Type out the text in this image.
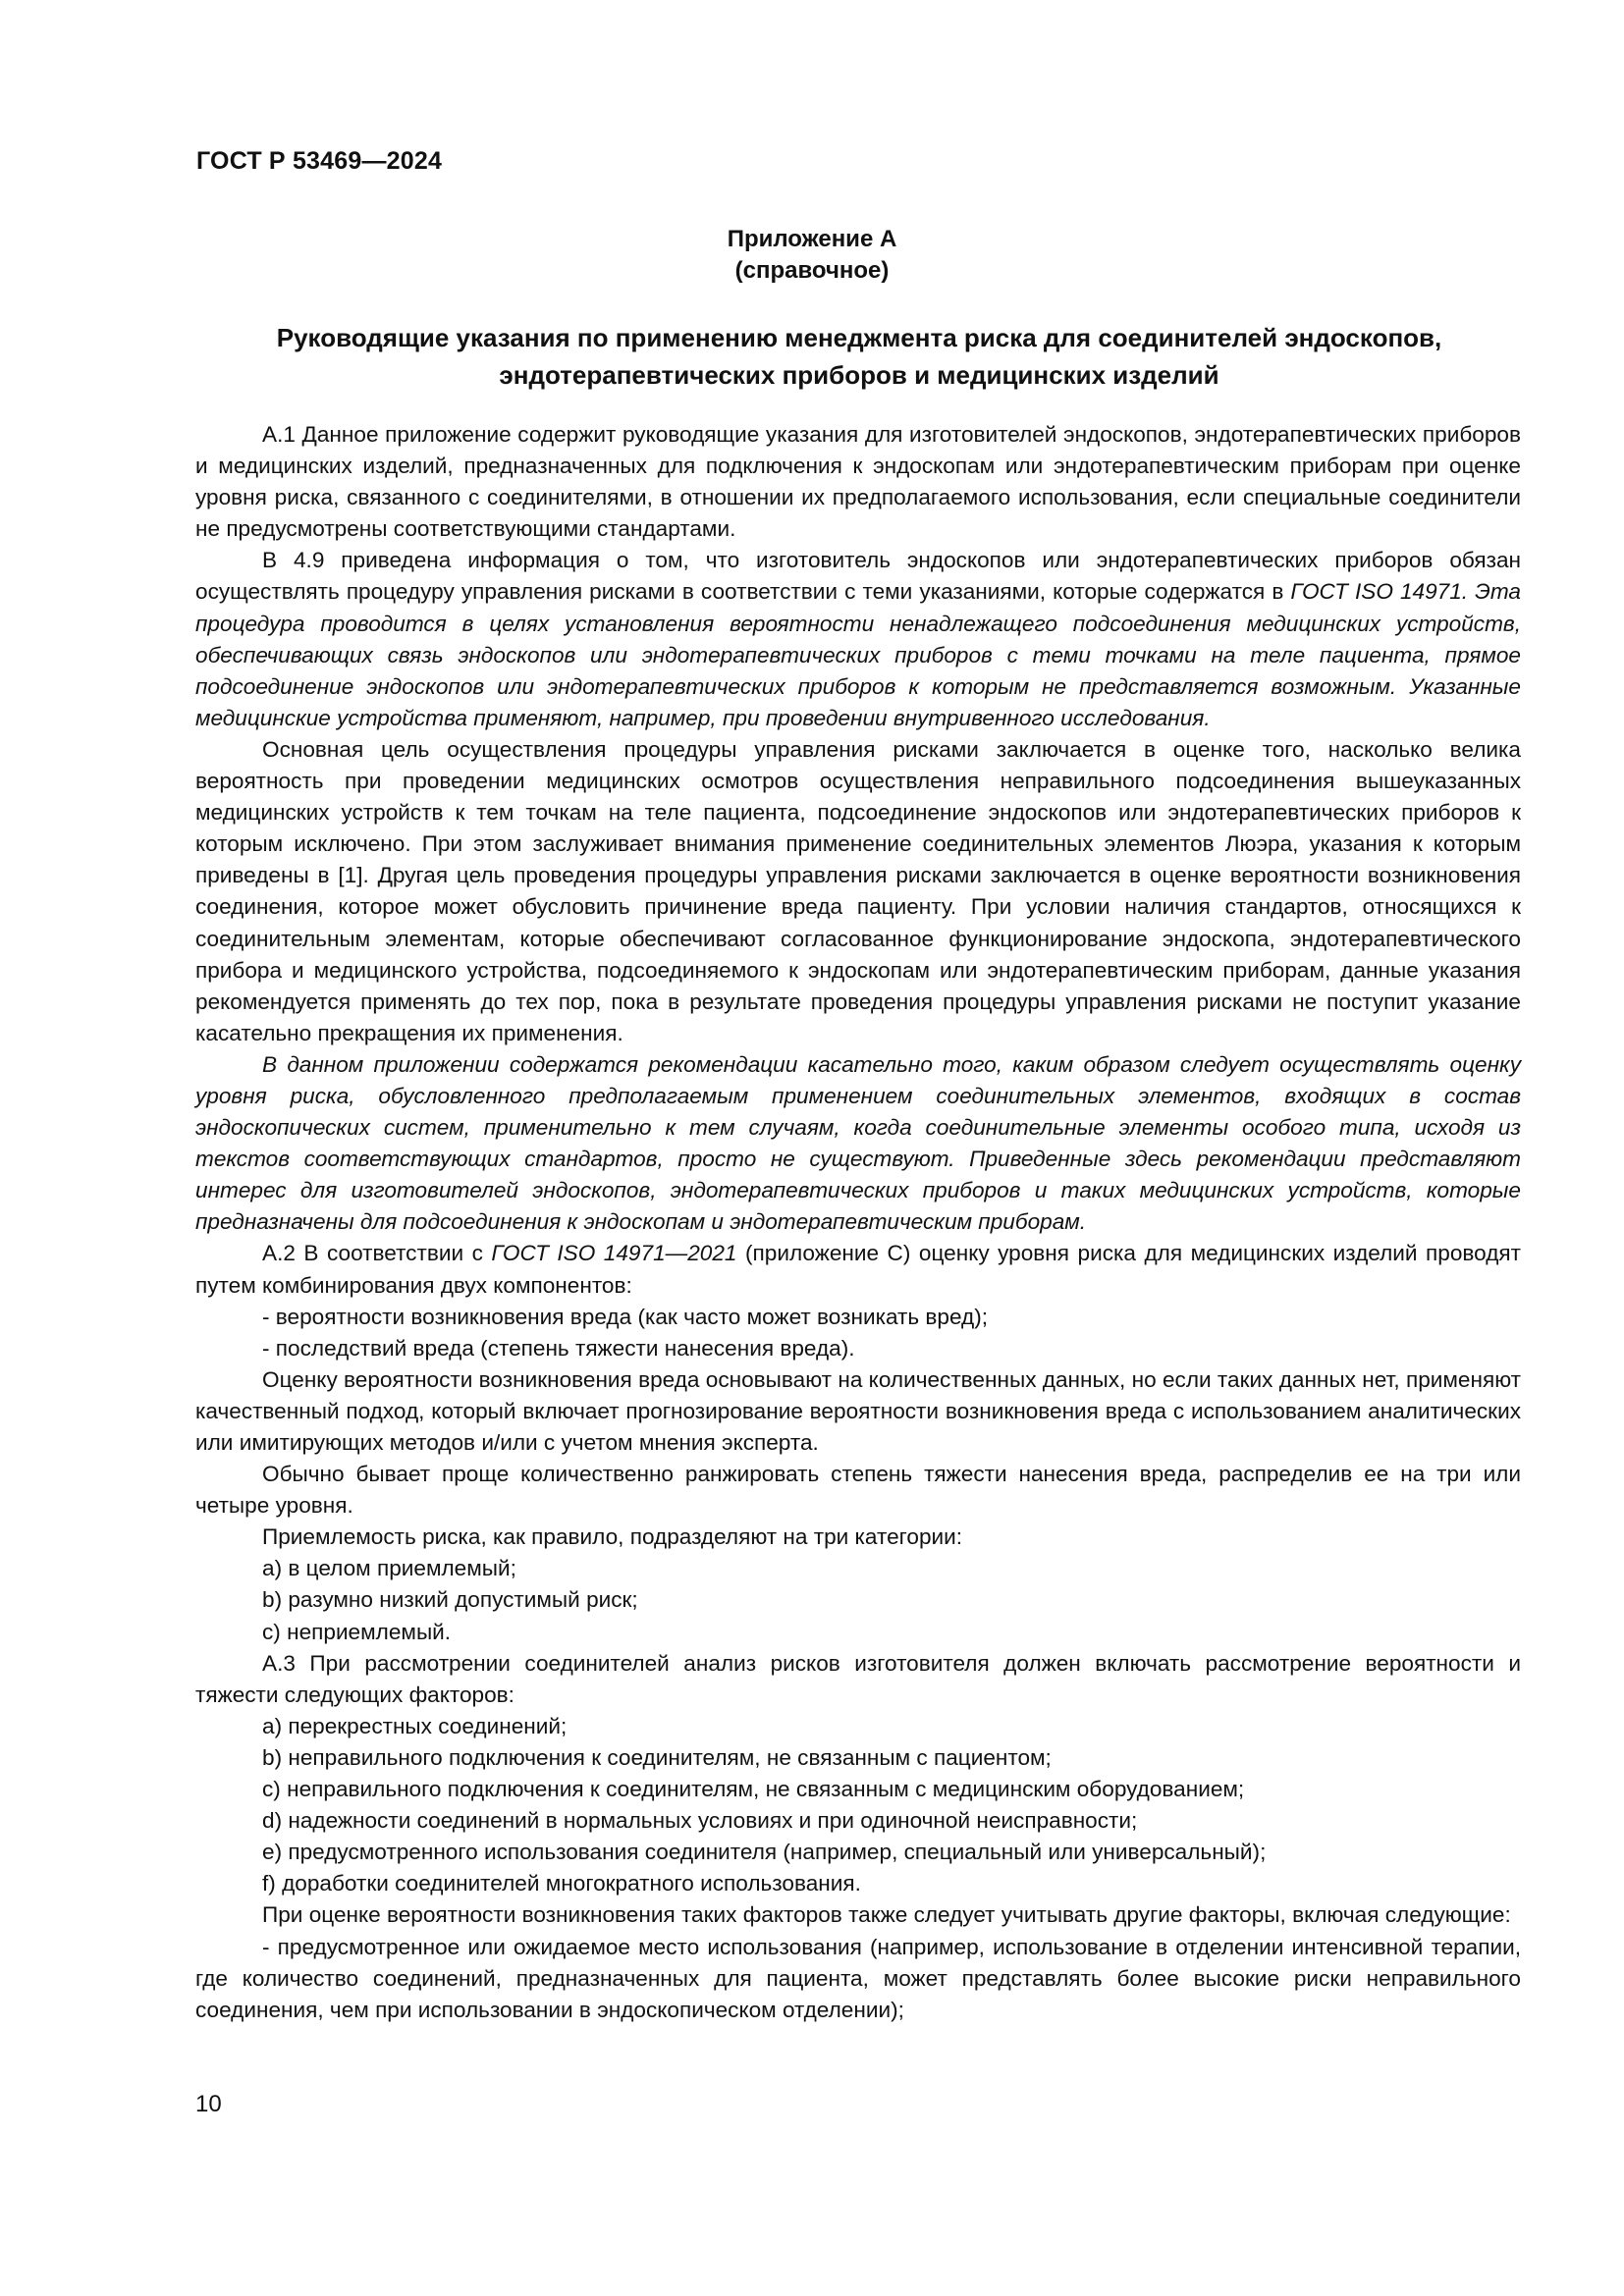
ГОСТ Р 53469—2024
Приложение А
(справочное)
Руководящие указания по применению менеджмента риска для соединителей эндоскопов,
эндотерапевтических приборов и медицинских изделий

А.1 Данное приложение содержит руководящие указания для изготовителей эндоскопов, эндотерапевтических приборов и медицинских изделий, предназначенных для подключения к эндоскопам или эндотерапевтическим приборам при оценке уровня риска, связанного с соединителями, в отношении их предполагаемого использования, если специальные соединители не предусмотрены соответствующими стандартами.

В 4.9 приведена информация о том, что изготовитель эндоскопов или эндотерапевтических приборов обязан осуществлять процедуру управления рисками в соответствии с теми указаниями, которые содержатся в ГОСТ ISO 14971. Эта процедура проводится в целях установления вероятности ненадлежащего подсоединения медицинских устройств, обеспечивающих связь эндоскопов или эндотерапевтических приборов с теми точками на теле пациента, прямое подсоединение эндоскопов или эндотерапевтических приборов к которым не представляется возможным. Указанные медицинские устройства применяют, например, при проведении внутривенного исследования.

Основная цель осуществления процедуры управления рисками заключается в оценке того, насколько велика вероятность при проведении медицинских осмотров осуществления неправильного подсоединения вышеуказанных медицинских устройств к тем точкам на теле пациента, подсоединение эндоскопов или эндотерапевтических приборов к которым исключено. При этом заслуживает внимания применение соединительных элементов Люэра, указания к которым приведены в [1]. Другая цель проведения процедуры управления рисками заключается в оценке вероятности возникновения соединения, которое может обусловить причинение вреда пациенту. При условии наличия стандартов, относящихся к соединительным элементам, которые обеспечивают согласованное функционирование эндоскопа, эндотерапевтического прибора и медицинского устройства, подсоединяемого к эндоскопам или эндотерапевтическим приборам, данные указания рекомендуется применять до тех пор, пока в результате проведения процедуры управления рисками не поступит указание касательно прекращения их применения.

В данном приложении содержатся рекомендации касательно того, каким образом следует осуществлять оценку уровня риска, обусловленного предполагаемым применением соединительных элементов, входящих в состав эндоскопических систем, применительно к тем случаям, когда соединительные элементы особого типа, исходя из текстов соответствующих стандартов, просто не существуют. Приведенные здесь рекомендации представляют интерес для изготовителей эндоскопов, эндотерапевтических приборов и таких медицинских устройств, которые предназначены для подсоединения к эндоскопам и эндотерапевтическим приборам.

А.2 В соответствии с ГОСТ ISO 14971—2021 (приложение С) оценку уровня риска для медицинских изделий проводят путем комбинирования двух компонентов:

- вероятности возникновения вреда (как часто может возникать вред);

- последствий вреда (степень тяжести нанесения вреда).

Оценку вероятности возникновения вреда основывают на количественных данных, но если таких данных нет, применяют качественный подход, который включает прогнозирование вероятности возникновения вреда с использованием аналитических или имитирующих методов и/или с учетом мнения эксперта.

Обычно бывает проще количественно ранжировать степень тяжести нанесения вреда, распределив ее на три или четыре уровня.

Приемлемость риска, как правило, подразделяют на три категории:

a) в целом приемлемый;

b) разумно низкий допустимый риск;

c) неприемлемый.

А.3 При рассмотрении соединителей анализ рисков изготовителя должен включать рассмотрение вероятности и тяжести следующих факторов:

a) перекрестных соединений;

b) неправильного подключения к соединителям, не связанным с пациентом;

c) неправильного подключения к соединителям, не связанным с медицинским оборудованием;

d) надежности соединений в нормальных условиях и при одиночной неисправности;

e) предусмотренного использования соединителя (например, специальный или универсальный);

f) доработки соединителей многократного использования.

При оценке вероятности возникновения таких факторов также следует учитывать другие факторы, включая следующие:

- предусмотренное или ожидаемое место использования (например, использование в отделении интенсивной терапии, где количество соединений, предназначенных для пациента, может представлять более высокие риски неправильного соединения, чем при использовании в эндоскопическом отделении);

10
